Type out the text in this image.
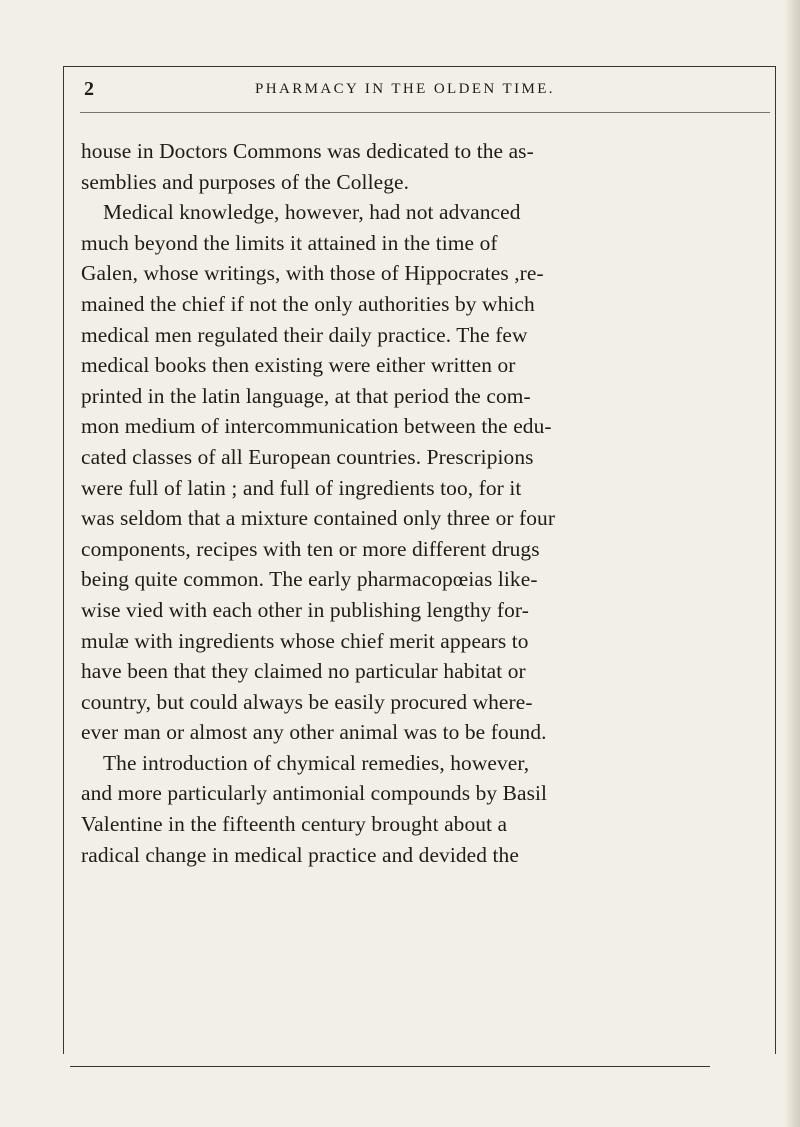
2	PHARMACY IN THE OLDEN TIME.
house in Doctors Commons was dedicated to the as-
semblies and purposes of the College.
Medical knowledge, however, had not advanced
much beyond the limits it attained in the time of
Galen, whose writings, with those of Hippocrates ,re-
mained the chief if not the only authorities by which
medical men regulated their daily practice. The few
medical books then existing were either written or
printed in the latin language, at that period the com-
mon medium of intercommunication between the edu-
cated classes of all European countries. Prescripions
were full of latin ; and full of ingredients too, for it
was seldom that a mixture contained only three or four
components, recipes with ten or more different drugs
being quite common. The early pharmacopœias like-
wise vied with each other in publishing lengthy for-
mulæ with ingredients whose chief merit appears to
have been that they claimed no particular habitat or
country, but could always be easily procured where-
ever man or almost any other animal was to be found.
The introduction of chymical remedies, however,
and more particularly antimonial compounds by Basil
Valentine in the fifteenth century brought about a
radical change in medical practice and devided the
